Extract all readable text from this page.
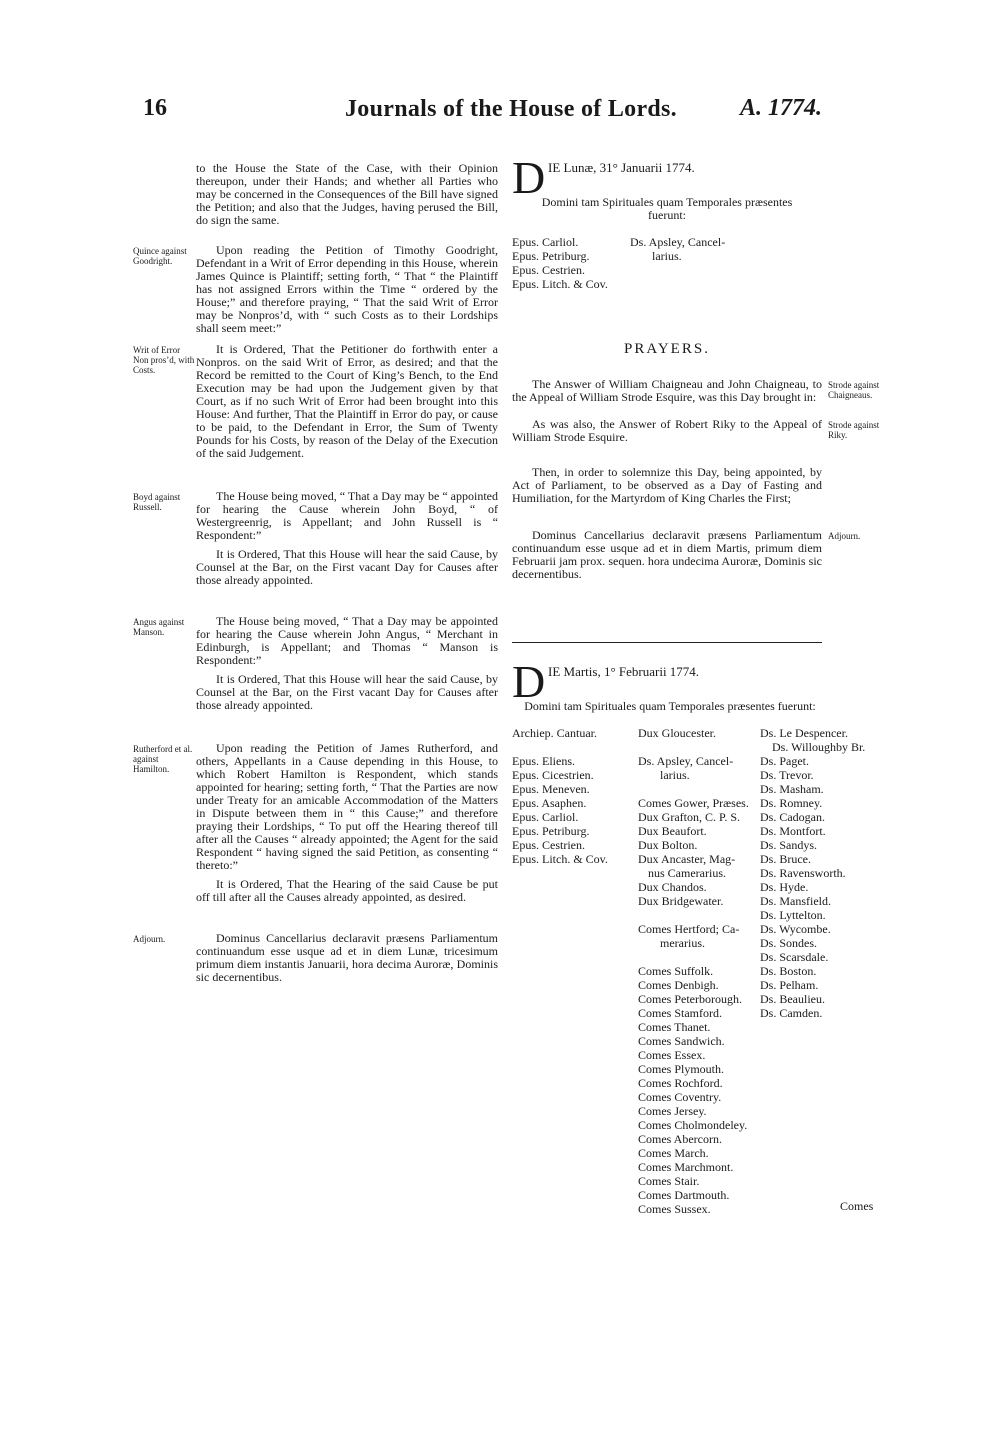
16	Journals of the House of Lords.	A. 1774.

to the House the State of the Case, with their Opinion thereupon, under their Hands; and whether all Parties who may be concerned in the Consequences of the Bill have signed the Petition; and also that the Judges, having perused the Bill, do sign the same.

Quince against Goodright.

Upon reading the Petition of Timothy Goodright, Defendant in a Writ of Error depending in this House, wherein James Quince is Plaintiff; setting forth, “ That “ the Plaintiff has not assigned Errors within the Time “ ordered by the House;” and therefore praying, “ That the said Writ of Error may be Nonpros’d, with “ such Costs as to their Lordships shall seem meet:”

Writ of Error Non pros’d, with Costs.

It is Ordered, That the Petitioner do forthwith enter a Nonpros. on the said Writ of Error, as desired; and that the Record be remitted to the Court of King’s Bench, to the End Execution may be had upon the Judgement given by that Court, as if no such Writ of Error had been brought into this House: And further, That the Plaintiff in Error do pay, or cause to be paid, to the Defendant in Error, the Sum of Twenty Pounds for his Costs, by reason of the Delay of the Execution of the said Judgement.

Boyd against Russell.

The House being moved, “ That a Day may be “ appointed for hearing the Cause wherein John Boyd, “ of Westergreenrig, is Appellant; and John Russell is “ Respondent:”

It is Ordered, That this House will hear the said Cause, by Counsel at the Bar, on the First vacant Day for Causes after those already appointed.

Angus against Manson.

The House being moved, “ That a Day may be appointed for hearing the Cause wherein John Angus, “ Merchant in Edinburgh, is Appellant; and Thomas “ Manson is Respondent:”

It is Ordered, That this House will hear the said Cause, by Counsel at the Bar, on the First vacant Day for Causes after those already appointed.

Rutherford et al. against Hamilton.

Upon reading the Petition of James Rutherford, and others, Appellants in a Cause depending in this House, to which Robert Hamilton is Respondent, which stands appointed for hearing; setting forth, “ That the Parties are now under Treaty for an amicable Accommodation of the Matters in Dispute between them in “ this Cause;” and therefore praying their Lordships, “ To put off the Hearing thereof till after all the Causes “ already appointed; the Agent for the said Respondent “ having signed the said Petition, as consenting “ thereto:”

It is Ordered, That the Hearing of the said Cause be put off till after all the Causes already appointed, as desired.

Adjourn.	Dominus Cancellarius declaravit præsens Parliamentum continuandum esse usque ad et in diem Lunæ, tricesimum primum diem instantis Januarii, hora decima Auroræ, Dominis sic decernentibus.

D IE Lunæ, 31° Januarii 1774.

Domini tam Spirituales quam Temporales præsentes fuerunt:

Epus. Carliol.
Epus. Petriburg.
Epus. Cestrien.
Epus. Litch. & Cov.
Ds. Apsley, Cancel-
larius.
PRAYERS.
Strode against Chaigneaus.

The Answer of William Chaigneau and John Chaigneau, to the Appeal of William Strode Esquire, was this Day brought in:

Strode against Riky.

As was also, the Answer of Robert Riky to the Appeal of William Strode Esquire.

Then, in order to solemnize this Day, being appointed, by Act of Parliament, to be observed as a Day of Fasting and Humiliation, for the Martyrdom of King Charles the First;

Adjourn.

Dominus Cancellarius declaravit præsens Parliamentum continuandum esse usque ad et in diem Martis, primum diem Februarii jam prox. sequen. hora undecima Auroræ, Dominis sic decernentibus.

D IE Martis, 1° Februarii 1774.

Domini tam Spirituales quam Temporales præsentes fuerunt:

Archiep. Cantuar.

Epus. Eliens.
Epus. Cicestrien.
Epus. Meneven.
Epus. Asaphen.
Epus. Carliol.
Epus. Petriburg.
Epus. Cestrien.
Epus. Litch. & Cov.
Dux Gloucester.

Ds. Apsley, Cancel-
larius.

Comes Gower, Præses.
Dux Grafton, C. P. S.
Dux Beaufort.
Dux Bolton.
Dux Ancaster, Mag-
nus Camerarius.
Dux Chandos.
Dux Bridgewater.

Comes Hertford; Ca-
merarius.

Comes Suffolk.
Comes Denbigh.
Comes Peterborough.
Comes Stamford.
Comes Thanet.
Comes Sandwich.
Comes Essex.
Comes Plymouth.
Comes Rochford.
Comes Coventry.
Comes Jersey.
Comes Cholmondeley.
Comes Abercorn.
Comes March.
Comes Marchmont.
Comes Stair.
Comes Dartmouth.
Comes Sussex.
Ds. Le Despencer.
Ds. Willoughby Br.
Ds. Paget.
Ds. Trevor.
Ds. Masham.
Ds. Romney.
Ds. Cadogan.
Ds. Montfort.
Ds. Sandys.
Ds. Bruce.
Ds. Ravensworth.
Ds. Hyde.
Ds. Mansfield.
Ds. Lyttelton.
Ds. Wycombe.
Ds. Sondes.
Ds. Scarsdale.
Ds. Boston.
Ds. Pelham.
Ds. Beaulieu.
Ds. Camden.
Comes
